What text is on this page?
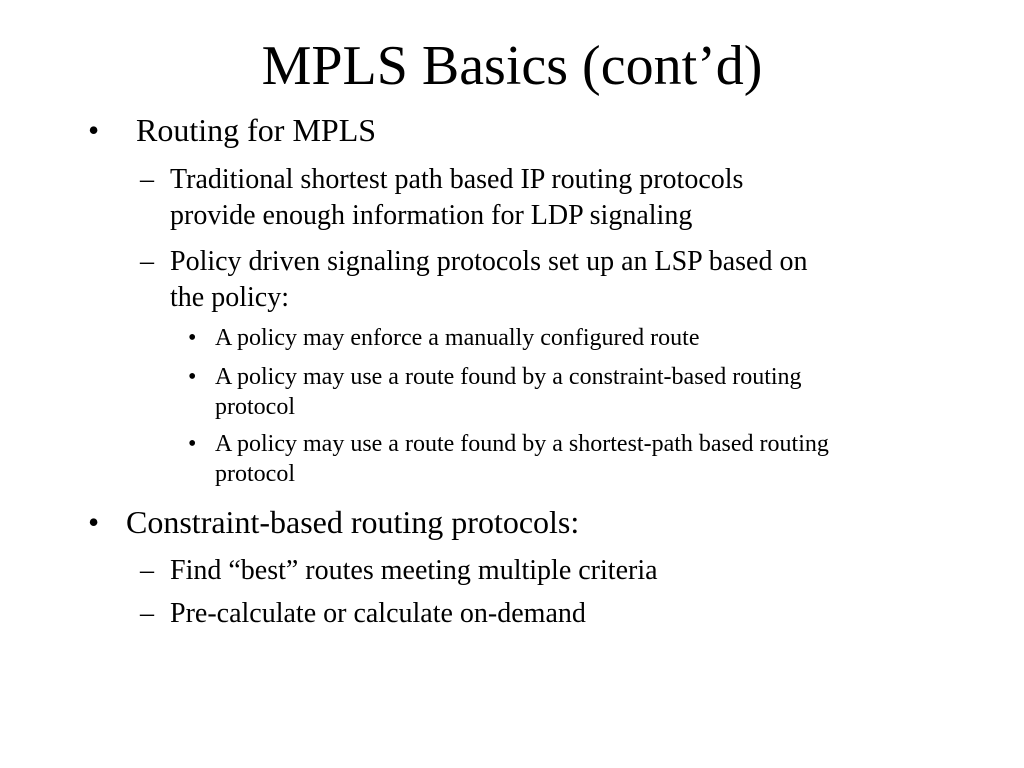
MPLS Basics (cont’d)
• Routing for MPLS
– Traditional shortest path based IP routing protocols
provide enough information for LDP signaling
– Policy driven signaling protocols set up an LSP based on
the policy:
• A policy may enforce a manually configured route
• A policy may use a route found by a constraint-based routing
protocol
• A policy may use a route found by a shortest-path based routing
protocol
• Constraint-based routing protocols:
– Find “best” routes meeting multiple criteria
– Pre-calculate or calculate on-demand
